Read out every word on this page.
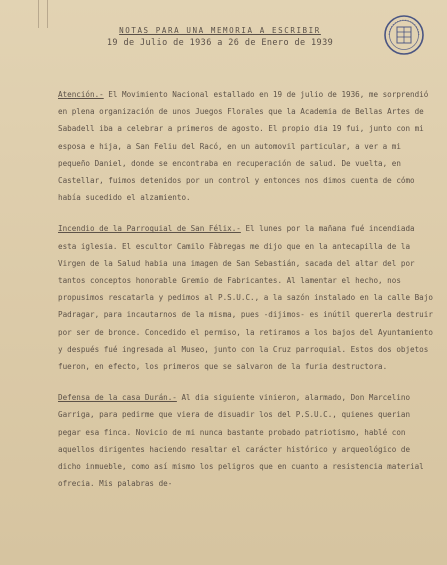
NOTAS PARA UNA MEMORIA A ESCRIBIR
19 de Julio de 1936 a 26 de Enero de 1939

Atención.- El Movimiento Nacional estallado en 19 de julio de 1936, me sorprendió en plena organización de unos Juegos Florales que la Academia de Bellas Artes de Sabadell iba a celebrar a primeros de agosto. El propio dia 19 fui, junto con mi esposa e hija, a San Feliu del Racó, en un automovil particular, a ver a mi pequeño Daniel, donde se encontraba en recuperación de salud. De vuelta, en Castellar, fuimos detenidos por un control y entonces nos dimos cuenta de cómo había sucedido el alzamiento.

Incendio de la Parroquial de San Félix.- El lunes por la mañana fué incendiada esta iglesia. El escultor Camilo Fàbregas me dijo que en la antecapilla de la Virgen de la Salud habia una imagen de San Sebastián, sacada del altar del por tantos conceptos honorable Gremio de Fabricantes. Al lamentar el hecho, nos propusimos rescatarla y pedimos al P.S.U.C., a la sazón instalado en la calle Bajo Padragar, para incautarnos de la misma, pues -dijimos- es inútil quererla destruir por ser de bronce. Concedido el permiso, la retiramos a los bajos del Ayuntamiento y después fué ingresada al Museo, junto con la Cruz parroquial. Estos dos objetos fueron, en efecto, los primeros que se salvaron de la furia destructora.

Defensa de la casa Durán.- Al dia siguiente vinieron, alarmado, Don Marcelino Garriga, para pedirme que viera de disuadir los del P.S.U.C., quienes querian pegar esa finca. Novicio de mi nunca bastante probado patriotismo, hablé con aquellos dirigentes haciendo resaltar el carácter histórico y arqueológico de dicho inmueble, como así mismo los peligros que en cuanto a resistencia material ofrecia. Mis palabras de-
